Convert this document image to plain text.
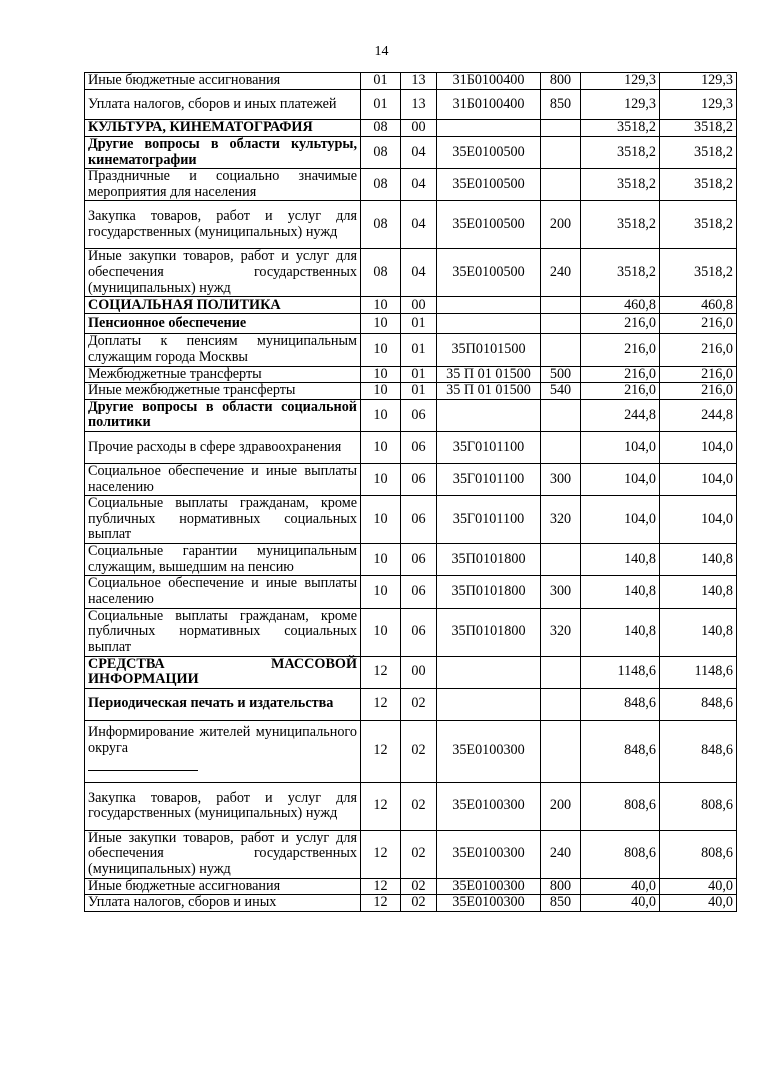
14
Иные бюджетные ассигнования	01	13	31Б0100400	800	129,3	129,3
Уплата налогов, сборов и иных платежей	01	13	31Б0100400	850	129,3	129,3
КУЛЬТУРА, КИНЕМАТОГРАФИЯ	08	00			3518,2	3518,2
Другие вопросы в области культуры, кинематографии	08	04	35Е0100500		3518,2	3518,2
Праздничные и социально значимые мероприятия для населения	08	04	35Е0100500		3518,2	3518,2
Закупка товаров, работ и услуг для государственных (муниципальных) нужд	08	04	35Е0100500	200	3518,2	3518,2
Иные закупки товаров, работ и услуг для обеспечения государственных (муниципальных) нужд	08	04	35Е0100500	240	3518,2	3518,2
СОЦИАЛЬНАЯ ПОЛИТИКА	10	00			460,8	460,8
Пенсионное обеспечение	10	01			216,0	216,0
Доплаты к пенсиям муниципальным служащим города Москвы	10	01	35П0101500		216,0	216,0
Межбюджетные трансферты	10	01	35 П 01 01500	500	216,0	216,0
Иные межбюджетные трансферты	10	01	35 П 01 01500	540	216,0	216,0
Другие вопросы в области социальной политики	10	06			244,8	244,8
Прочие расходы в сфере здравоохранения	10	06	35Г0101100		104,0	104,0
Социальное обеспечение и иные выплаты населению	10	06	35Г0101100	300	104,0	104,0
Социальные выплаты гражданам, кроме публичных нормативных социальных выплат	10	06	35Г0101100	320	104,0	104,0
Социальные гарантии муниципальным служащим, вышедшим на пенсию	10	06	35П0101800		140,8	140,8
Социальное обеспечение и иные выплаты населению	10	06	35П0101800	300	140,8	140,8
Социальные выплаты гражданам, кроме публичных нормативных социальных выплат	10	06	35П0101800	320	140,8	140,8
СРЕДСТВА МАССОВОЙ ИНФОРМАЦИИ	12	00			1148,6	1148,6
Периодическая печать и издательства	12	02			848,6	848,6

Информирование жителей муниципального округа	12	02	35Е0100300		848,6	848,6
Закупка товаров, работ и услуг для государственных (муниципальных) нужд	12	02	35Е0100300	200	808,6	808,6
Иные закупки товаров, работ и услуг для обеспечения государственных (муниципальных) нужд	12	02	35Е0100300	240	808,6	808,6
Иные бюджетные ассигнования	12	02	35Е0100300	800	40,0	40,0
Уплата налогов, сборов и иных	12	02	35Е0100300	850	40,0	40,0
